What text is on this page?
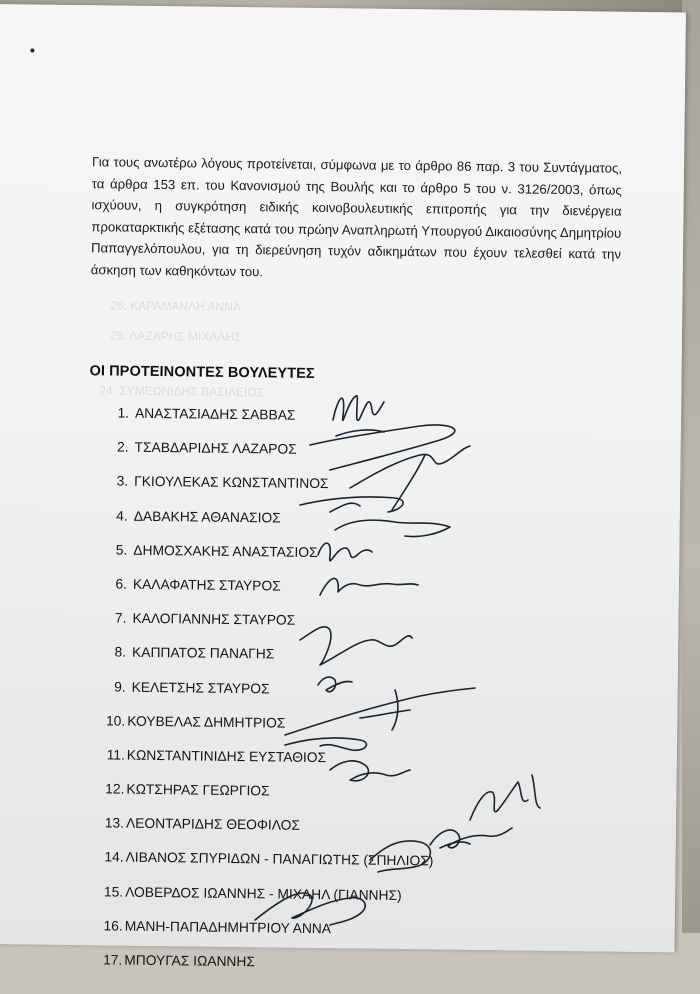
26. ΚΑΡΑΜΑΝΛΗ ΑΝΝΑ
25. ΛΑΖΑΡΗΣ ΜΙΧΑΛΗΣ
24. ΣΥΜΕΩΝΙΔΗΣ ΒΑΣΙΛΕΙΟΣ

Για τους ανωτέρω λόγους προτείνεται, σύμφωνα με το άρθρο 86 παρ. 3 του Συντάγματος, τα άρθρα 153 επ. του Κανονισμού της Βουλής και το άρθρο 5 του ν. 3126/2003, όπως ισχύουν, η συγκρότηση ειδικής κοινοβουλευτικής επιτροπής για την διενέργεια προκαταρκτικής εξέτασης κατά του πρώην Αναπληρωτή Υπουργού Δικαιοσύνης Δημητρίου Παπαγγελόπουλου, για τη διερεύνηση τυχόν αδικημάτων που έχουν τελεσθεί κατά την άσκηση των καθηκόντων του.

ΟΙ ΠΡΟΤΕΙΝΟΝΤΕΣ ΒΟΥΛΕΥΤΕΣ
1. ΑΝΑΣΤΑΣΙΑΔΗΣ ΣΑΒΒΑΣ
2. ΤΣΑΒΔΑΡΙΔΗΣ ΛΑΖΑΡΟΣ
3. ΓΚΙΟΥΛΕΚΑΣ ΚΩΝΣΤΑΝΤΙΝΟΣ
4. ΔΑΒΑΚΗΣ ΑΘΑΝΑΣΙΟΣ
5. ΔΗΜΟΣΧΑΚΗΣ ΑΝΑΣΤΑΣΙΟΣ
6. ΚΑΛΑΦΑΤΗΣ ΣΤΑΥΡΟΣ
7. ΚΑΛΟΓΙΑΝΝΗΣ ΣΤΑΥΡΟΣ
8. ΚΑΠΠΑΤΟΣ ΠΑΝΑΓΗΣ
9. ΚΕΛΕΤΣΗΣ ΣΤΑΥΡΟΣ
10. ΚΟΥΒΕΛΑΣ ΔΗΜΗΤΡΙΟΣ
11. ΚΩΝΣΤΑΝΤΙΝΙΔΗΣ ΕΥΣΤΑΘΙΟΣ
12. ΚΩΤΣΗΡΑΣ ΓΕΩΡΓΙΟΣ
13. ΛΕΟΝΤΑΡΙΔΗΣ ΘΕΟΦΙΛΟΣ
14. ΛΙΒΑΝΟΣ ΣΠΥΡΙΔΩΝ - ΠΑΝΑΓΙΩΤΗΣ (ΣΠΗΛΙΟΣ)
15. ΛΟΒΕΡΔΟΣ ΙΩΑΝΝΗΣ - ΜΙΧΑΗΛ (ΓΙΑΝΝΗΣ)
16. ΜΑΝΗ-ΠΑΠΑΔΗΜΗΤΡΙΟΥ ΑΝΝΑ
17. ΜΠΟΥΓΑΣ ΙΩΑΝΝΗΣ
